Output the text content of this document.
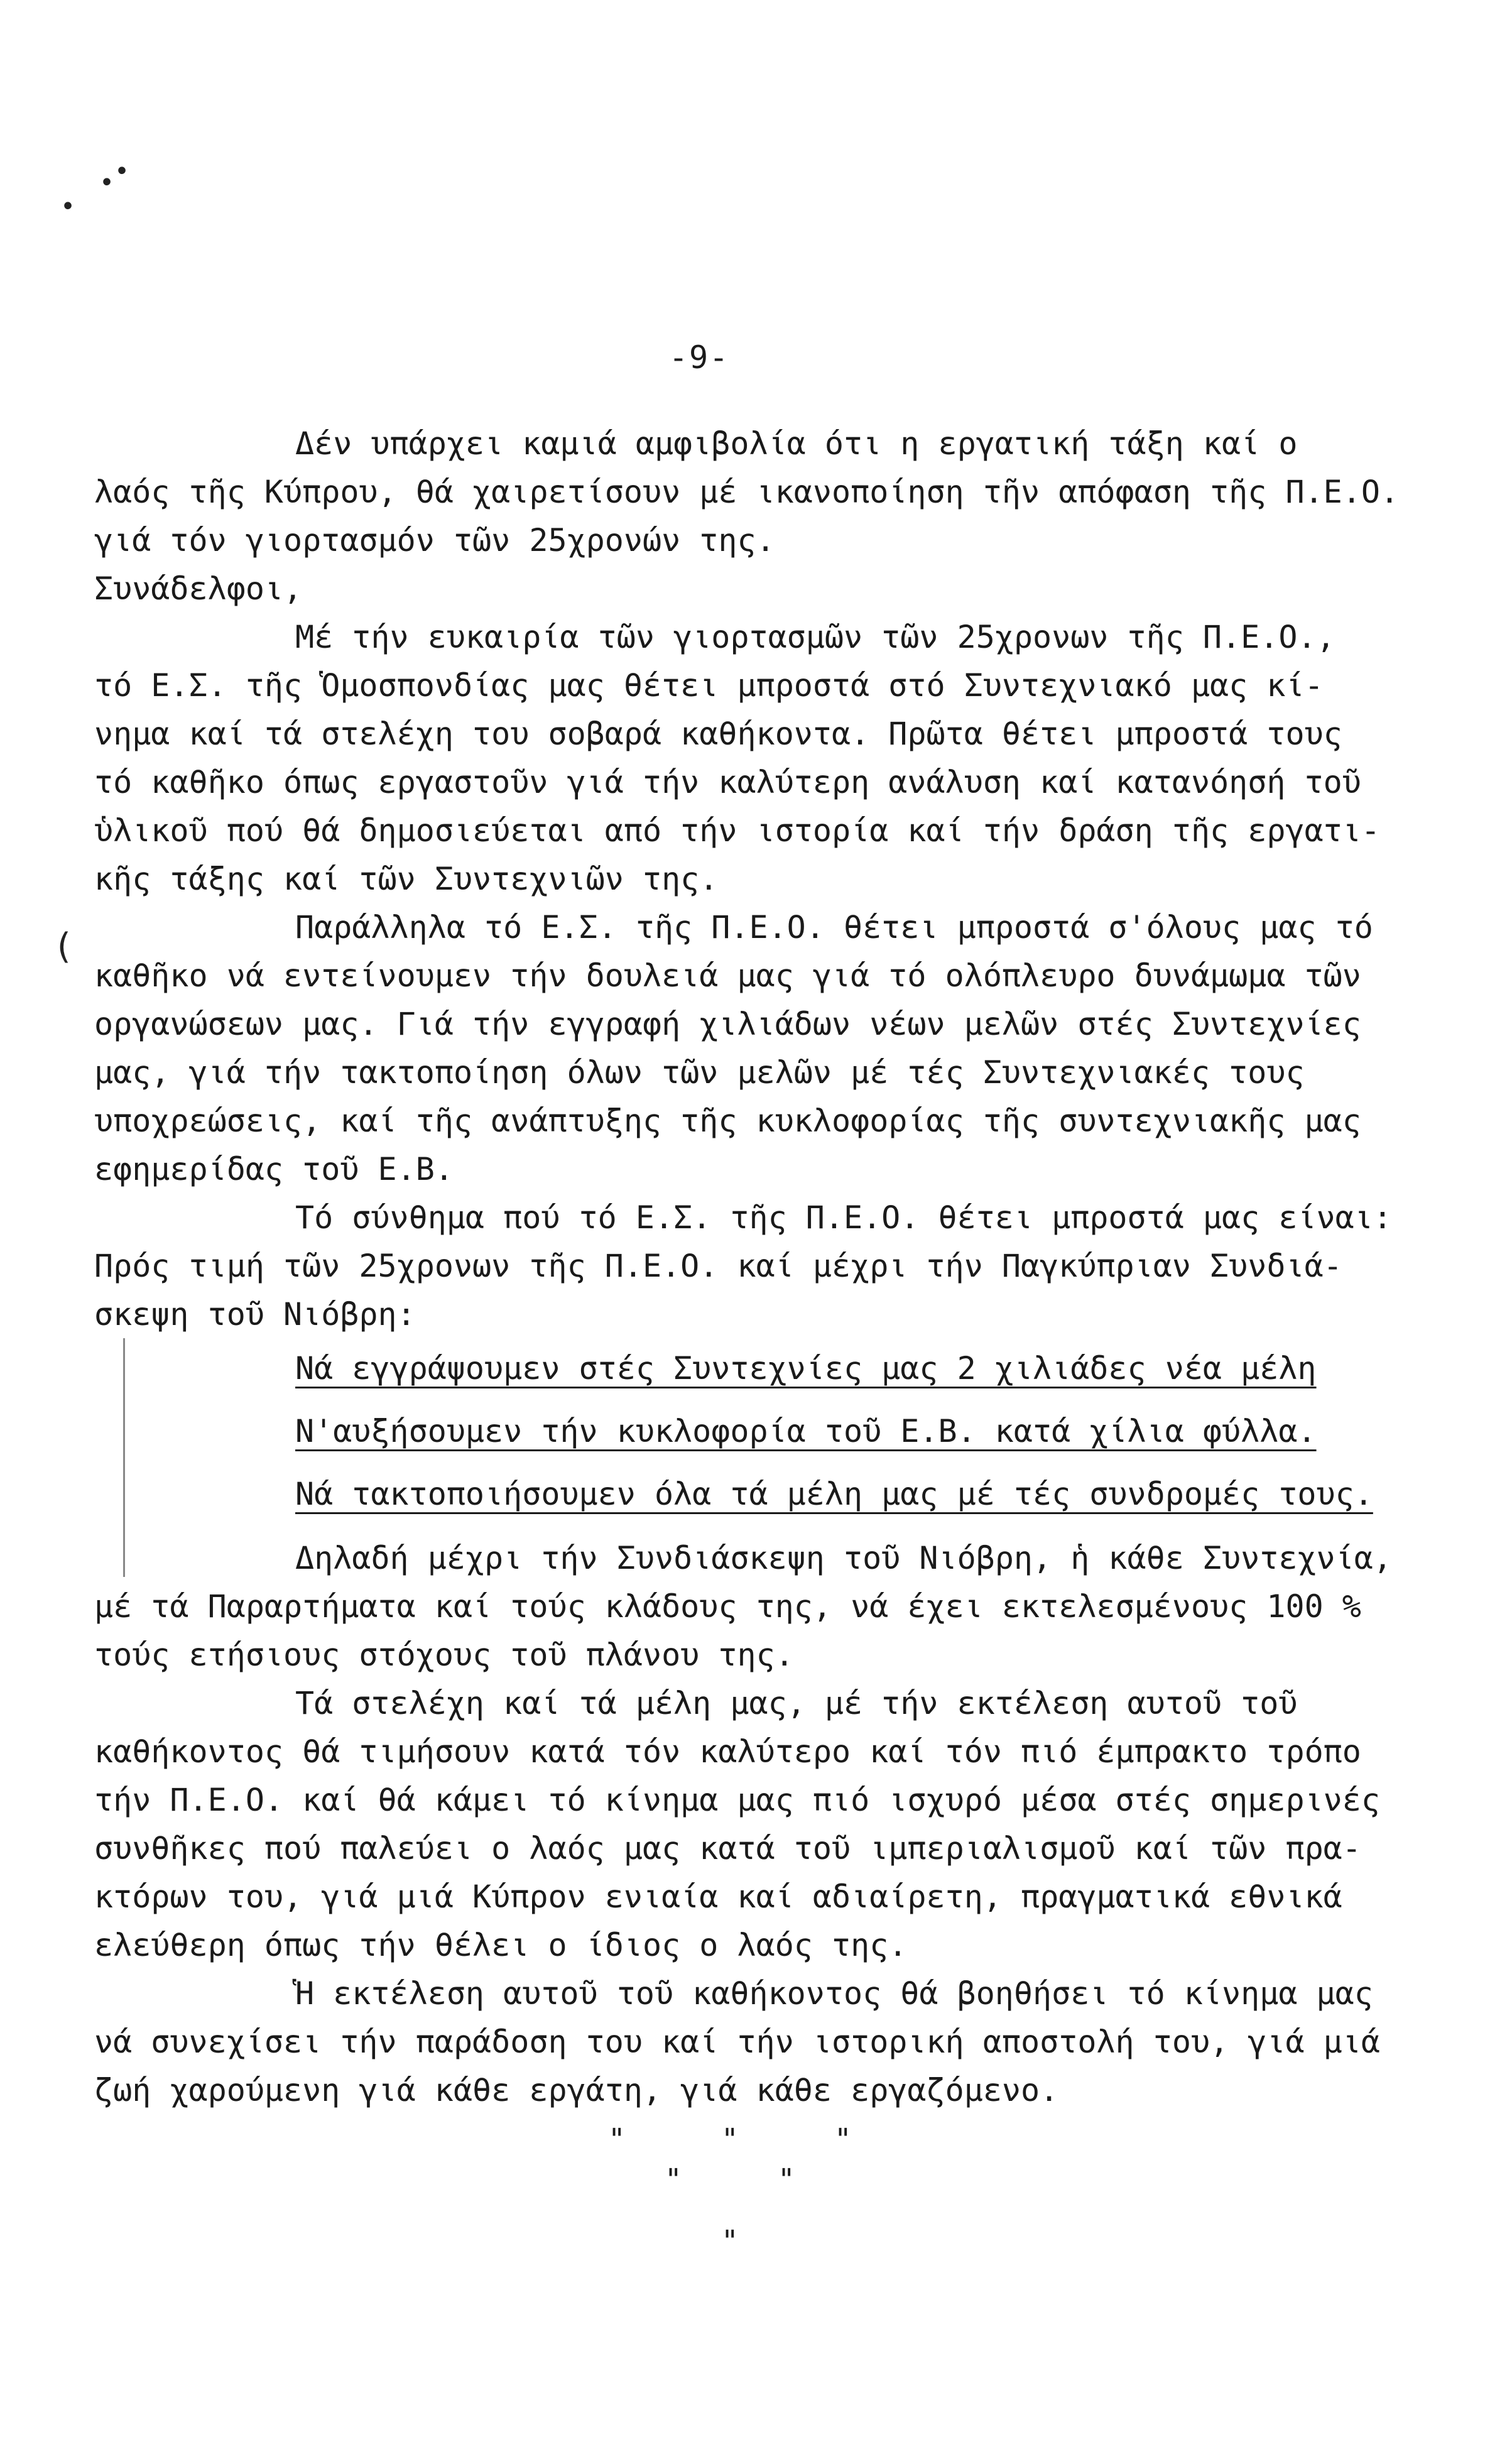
•
•
•
(
-9-
Δέν υπάρχει καμιά αμφιβολία ότι η εργατική τάξη καί ο
λαός τῆς Κύπρου, θά χαιρετίσουν μέ ικανοποίηση τῆν απόφαση τῆς Π.Ε.Ο.
γιά τόν γιορτασμόν τῶν 25χρονών της.
Συνάδελφοι,
Μέ τήν ευκαιρία τῶν γιορτασμῶν τῶν 25χρονων τῆς Π.Ε.Ο.,
τό Ε.Σ. τῆς Ὁμοσπονδίας μας θέτει μπροστά στό Συντεχνιακό μας κί-
νημα καί τά στελέχη του σοβαρά καθήκοντα. Πρῶτα θέτει μπροστά τους
τό καθῆκο όπως εργαστοῦν γιά τήν καλύτερη ανάλυση καί κατανόησή τοῦ
ὑλικοῦ πού θά δημοσιεύεται από τήν ιστορία καί τήν δράση τῆς εργατι-
κῆς τάξης καί τῶν Συντεχνιῶν της.
Παράλληλα τό Ε.Σ. τῆς Π.Ε.Ο. θέτει μπροστά σ'όλους μας τό
καθῆκο νά εντείνουμεν τήν δουλειά μας γιά τό ολόπλευρο δυνάμωμα τῶν
οργανώσεων μας. Γιά τήν εγγραφή χιλιάδων νέων μελῶν στές Συντεχνίες
μας, γιά τήν τακτοποίηση όλων τῶν μελῶν μέ τές Συντεχνιακές τους
υποχρεώσεις, καί τῆς ανάπτυξης τῆς κυκλοφορίας τῆς συντεχνιακῆς μας
εφημερίδας τοῦ Ε.Β.
Τό σύνθημα πού τό Ε.Σ. τῆς Π.Ε.Ο. θέτει μπροστά μας είναι:
Πρός τιμή τῶν 25χρονων τῆς Π.Ε.Ο. καί μέχρι τήν Παγκύπριαν Συνδιά-
σκεψη τοῦ Νιόβρη:
Νά εγγράψουμεν στές Συντεχνίες μας 2 χιλιάδες νέα μέλη
Ν'αυξήσουμεν τήν κυκλοφορία τοῦ Ε.Β. κατά χίλια φύλλα.
Νά τακτοποιήσουμεν όλα τά μέλη μας μέ τές συνδρομές τους.
Δηλαδή μέχρι τήν Συνδιάσκεψη τοῦ Νιόβρη, ἡ κάθε Συντεχνία,
μέ τά Παραρτήματα καί τούς κλάδους της, νά έχει εκτελεσμένους 100 %
τούς ετήσιους στόχους τοῦ πλάνου της.
Τά στελέχη καί τά μέλη μας, μέ τήν εκτέλεση αυτοῦ τοῦ
καθήκοντος θά τιμήσουν κατά τόν καλύτερο καί τόν πιό έμπρακτο τρόπο
τήν Π.Ε.Ο. καί θά κάμει τό κίνημα μας πιό ισχυρό μέσα στές σημερινές
συνθῆκες πού παλεύει ο λαός μας κατά τοῦ ιμπεριαλισμοῦ καί τῶν πρα-
κτόρων του, γιά μιά Κύπρον ενιαία καί αδιαίρετη, πραγματικά εθνικά
ελεύθερη όπως τήν θέλει ο ίδιος ο λαός της.
Ἡ εκτέλεση αυτοῦ τοῦ καθήκοντος θά βοηθήσει τό κίνημα μας
νά συνεχίσει τήν παράδοση του καί τήν ιστορική αποστολή του, γιά μιά
ζωή χαρούμενη γιά κάθε εργάτη, γιά κάθε εργαζόμενο.
"	"	"
"	"
"
